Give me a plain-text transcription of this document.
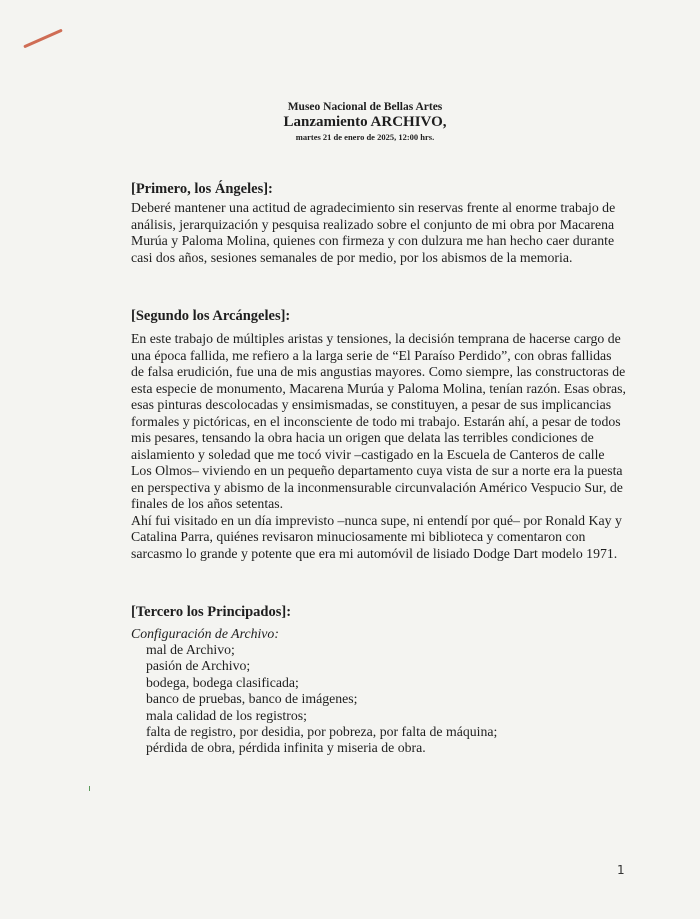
Museo Nacional de Bellas Artes
Lanzamiento ARCHIVO,
martes 21 de enero de 2025, 12:00 hrs.
[Primero, los Ángeles]:

Deberé mantener una actitud de agradecimiento sin reservas frente al enorme trabajo de análisis, jerarquización y pesquisa realizado sobre el conjunto de mi obra por Macarena Murúa y Paloma Molina, quienes con firmeza y con dulzura me han hecho caer durante casi dos años, sesiones semanales de por medio, por los abismos de la memoria.

[Segundo los Arcángeles]:

En este trabajo de múltiples aristas y tensiones, la decisión temprana de hacerse cargo de una época fallida, me refiero a la larga serie de “El Paraíso Perdido”, con obras fallidas de falsa erudición, fue una de mis angustias mayores. Como siempre, las constructoras de esta especie de monumento, Macarena Murúa y Paloma Molina, tenían razón. Esas obras, esas pinturas descolocadas y ensimismadas, se constituyen, a pesar de sus implicancias formales y pictóricas, en el inconsciente de todo mi trabajo. Estarán ahí, a pesar de todos mis pesares, tensando la obra hacia un origen que delata las terribles condiciones de aislamiento y soledad que me tocó vivir –castigado en la Escuela de Canteros de calle Los Olmos– viviendo en un pequeño departamento cuya vista de sur a norte era la puesta en perspectiva y abismo de la inconmensurable circunvalación Américo Vespucio Sur, de finales de los años setentas.

Ahí fui visitado en un día imprevisto –nunca supe, ni entendí por qué– por Ronald Kay y Catalina Parra, quiénes revisaron minuciosamente mi biblioteca y comentaron con sarcasmo lo grande y potente que era mi automóvil de lisiado Dodge Dart modelo 1971.

[Tercero los Principados]:
Configuración de Archivo:
mal de Archivo;
pasión de Archivo;
bodega, bodega clasificada;
banco de pruebas, banco de imágenes;
mala calidad de los registros;
falta de registro, por desidia, por pobreza, por falta de máquina;
pérdida de obra, pérdida infinita y miseria de obra.
1
